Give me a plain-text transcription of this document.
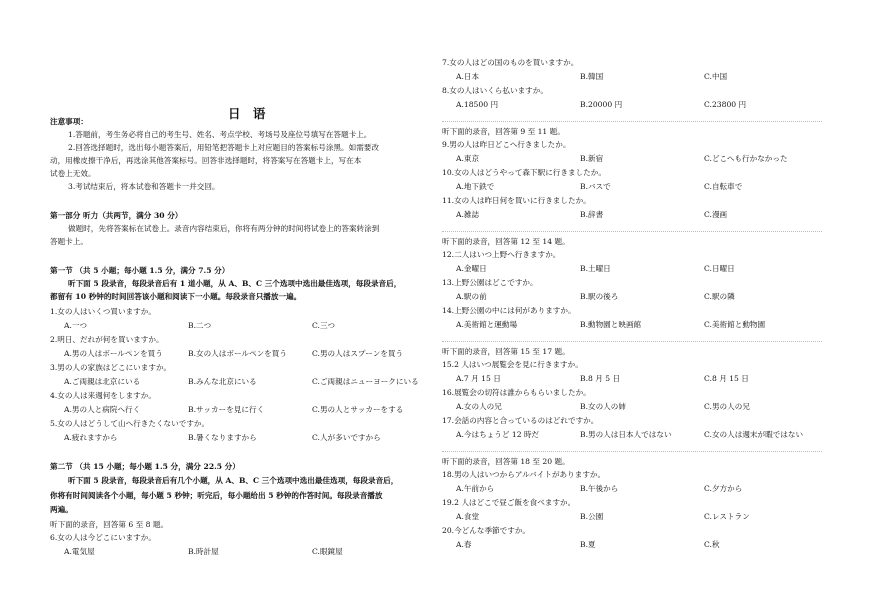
日 语
注意事项：
1.答题前，考生务必将自己的考生号、姓名、考点学校、考场号及座位号填写在答题卡上。
2.回答选择题时，选出每小题答案后，用铅笔把答题卡上对应题目的答案标号涂黑。如需要改
动，用橡皮擦干净后，再选涂其他答案标号。回答非选择题时，将答案写在答题卡上，写在本
试卷上无效。
3.考试结束后，将本试卷和答题卡一并交回。
第一部分 听力（共两节，满分 30 分）
做题时，先将答案标在试卷上。录音内容结束后，你将有两分钟的时间将试卷上的答案转涂到
答题卡上。
第一节 （共 5 小题；每小题 1.5 分，满分 7.5 分）
听下面 5 段录音，每段录音后有 1 道小题，从 A、B、C 三个选项中选出最佳选项，每段录音后，
都留有 10 秒钟的时间回答该小题和阅读下一小题。每段录音只播放一遍。
1.女の人はいくつ買いますか。
A.一つ	B.二つ	C.三つ
2.明日、だれが何を買いますか。
A.男の人はボールペンを買う	B.女の人はボールペンを買う	C.男の人はスプーンを買う
3.男の人の家族はどこにいますか。
A.ご両親は北京にいる	B.みんな北京にいる	C.ご両親はニューヨークにいる
4.女の人は来週何をしますか。
A.男の人と病院へ行く	B.サッカーを見に行く	C.男の人とサッカーをする
5.女の人はどうして山へ行きたくないですか。
A.疲れますから	B.暑くなりますから	C.人が多いですから
第二节 （共 15 小题；每小题 1.5 分，满分 22.5 分）
听下面 5 段录音，每段录音后有几个小题，从 A、B、C 三个选项中选出最佳选项，每段录音后，
你将有时间阅读各个小题，每小题 5 秒钟；听完后，每小题给出 5 秒钟的作答时间。每段录音播放
两遍。
听下面的录音，回答第 6 至 8 题。
6.女の人は今どこにいますか。
A.電気屋	B.時計屋	C.眼鏡屋
7.女の人はどの国のものを買いますか。
A.日本	B.韓国	C.中国
8.女の人はいくら払いますか。
A.18500 円	B.20000 円	C.23800 円
听下面的录音，回答第 9 至 11 题。
9.男の人は昨日どこへ行きましたか。
A.東京	B.新宿	C.どこへも行かなかった
10.女の人はどうやって森下駅に行きましたか。
A.地下鉄で	B.バスで	C.自転車で
11.女の人は昨日何を買いに行きましたか。
A.雑誌	B.辞書	C.漫画
听下面的录音，回答第 12 至 14 题。
12.二人はいつ上野へ行きますか。
A.金曜日	B.土曜日	C.日曜日
13.上野公園はどこですか。
A.駅の前	B.駅の後ろ	C.駅の隣
14.上野公園の中には何がありますか。
A.美術館と運動場	B.動物園と映画館	C.美術館と動物園
听下面的录音，回答第 15 至 17 题。
15.2 人はいつ展覧会を見に行きますか。
A.7 月 15 日	B.8 月 5 日	C.8 月 15 日
16.展覧会の切符は誰からもらいましたか。
A.女の人の兄	B.女の人の姉	C.男の人の兄
17.会話の内容と合っているのはどれですか。
A.今はちょうど 12 時だ	B.男の人は日本人ではない	C.女の人は週末が暇ではない
听下面的录音，回答第 18 至 20 题。
18.男の人はいつからアルバイトがありますか。
A.午前から	B.午後から	C.夕方から
19.2 人はどこで昼ご飯を食べますか。
A.食堂	B.公園	C.レストラン
20.今どんな季節ですか。
A.春	B.夏	C.秋
